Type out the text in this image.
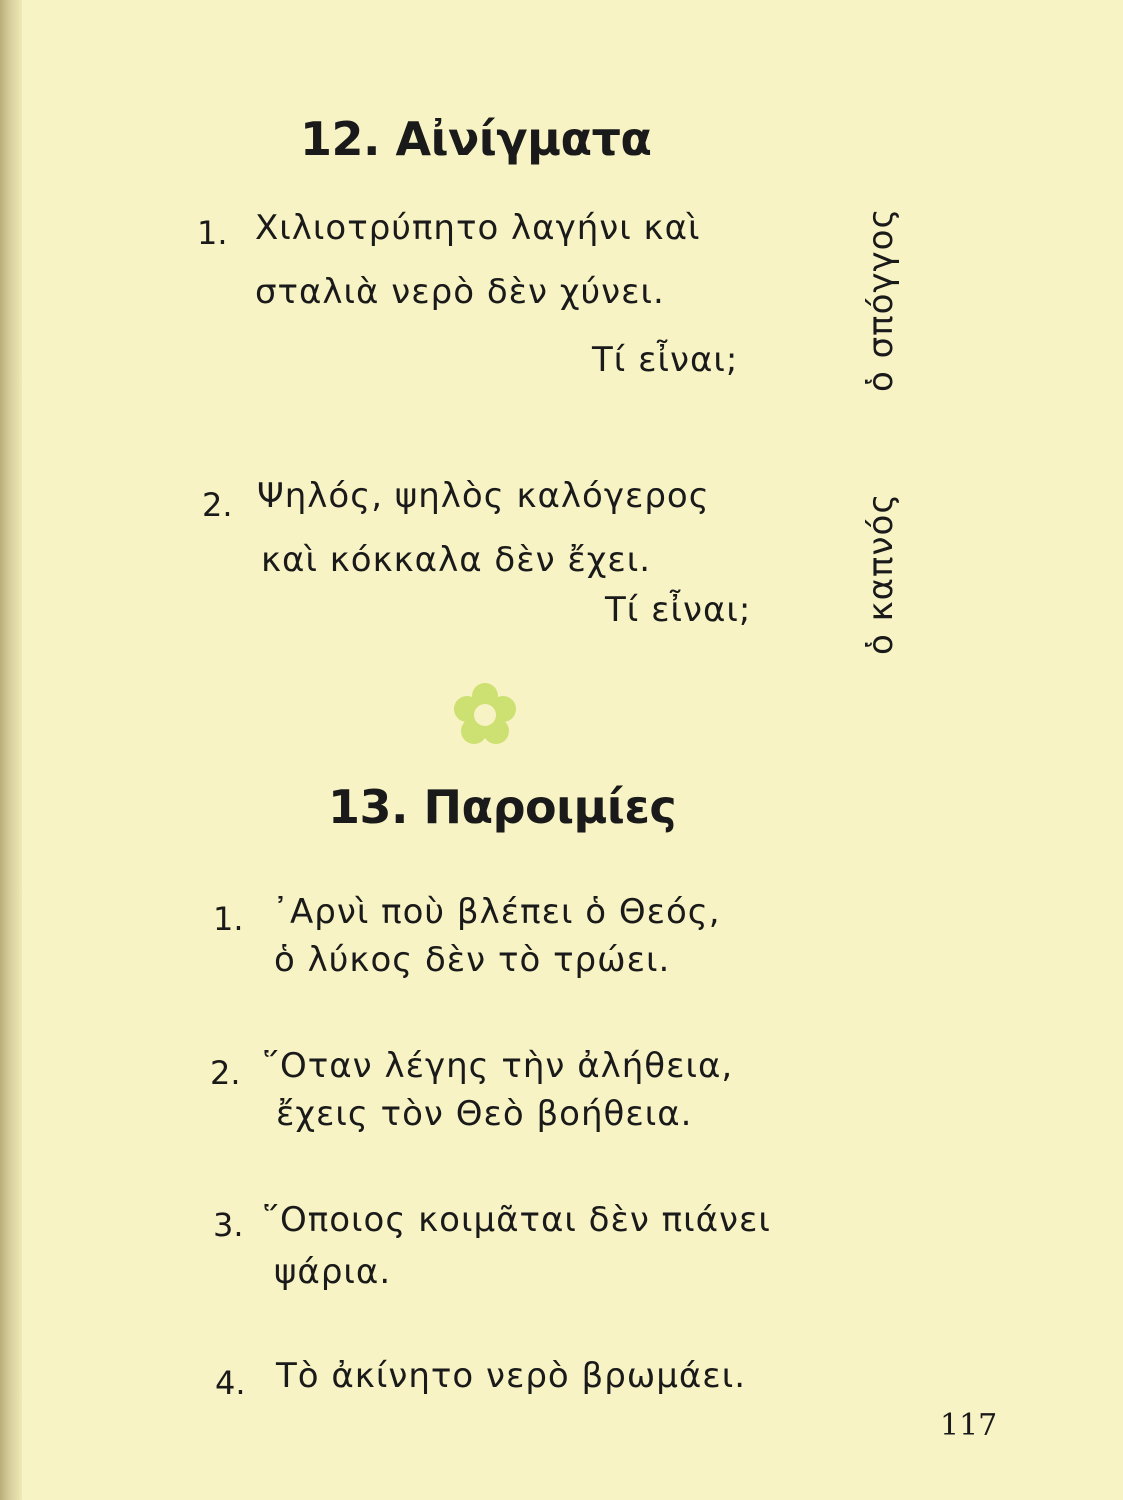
12. Αἰνίγματα
1. Χιλιοτρύπητο λαγήνι καὶ
σταλιὰ νερὸ δὲν χύνει.
Τί εἶναι;
2. Ψηλός, ψηλὸς καλόγερος
καὶ κόκκαλα δὲν ἔχει.
Τί εἶναι;
ὁ σπόγγος
ὁ καπνός
13. Παροιμίες
1. ᾿Αρνὶ ποὺ βλέπει ὁ Θεός,
ὁ λύκος δὲν τὸ τρώει.
2. ῞Οταν λέγης τὴν ἀλήθεια,
ἔχεις τὸν Θεὸ βοήθεια.
3. ῞Οποιος κοιμᾶται δὲν πιάνει
ψάρια.
4. Τὸ ἀκίνητο νερὸ βρωμάει.
117
